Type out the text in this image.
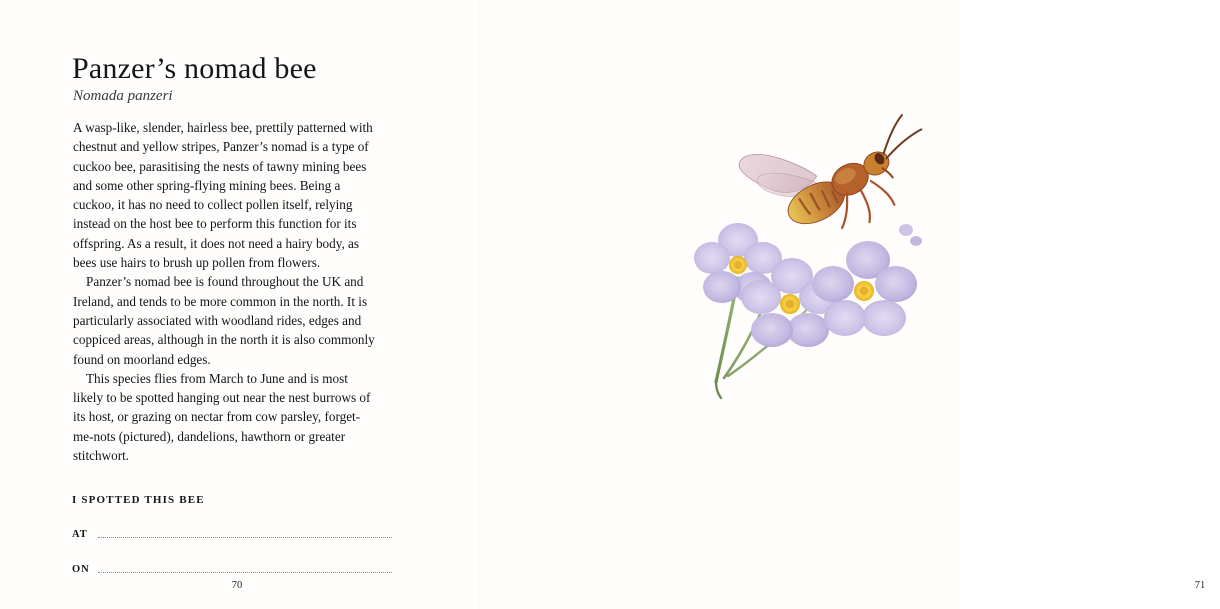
Panzer’s nomad bee
Nomada panzeri

A wasp-like, slender, hairless bee, prettily patterned with chestnut and yellow stripes, Panzer’s nomad is a type of cuckoo bee, parasitising the nests of tawny mining bees and some other spring-flying mining bees. Being a cuckoo, it has no need to collect pollen itself, relying instead on the host bee to perform this function for its offspring. As a result, it does not need a hairy body, as bees use hairs to brush up pollen from flowers.

Panzer’s nomad bee is found throughout the UK and Ireland, and tends to be more common in the north. It is particularly associated with woodland rides, edges and coppiced areas, although in the north it is also commonly found on moorland edges.

This species flies from March to June and is most likely to be spotted hanging out near the nest burrows of its host, or grazing on nectar from cow parsley, forget-me-nots (pictured), dandelions, hawthorn or greater stitchwort.

I SPOTTED THIS BEE
AT
ON
70	71
